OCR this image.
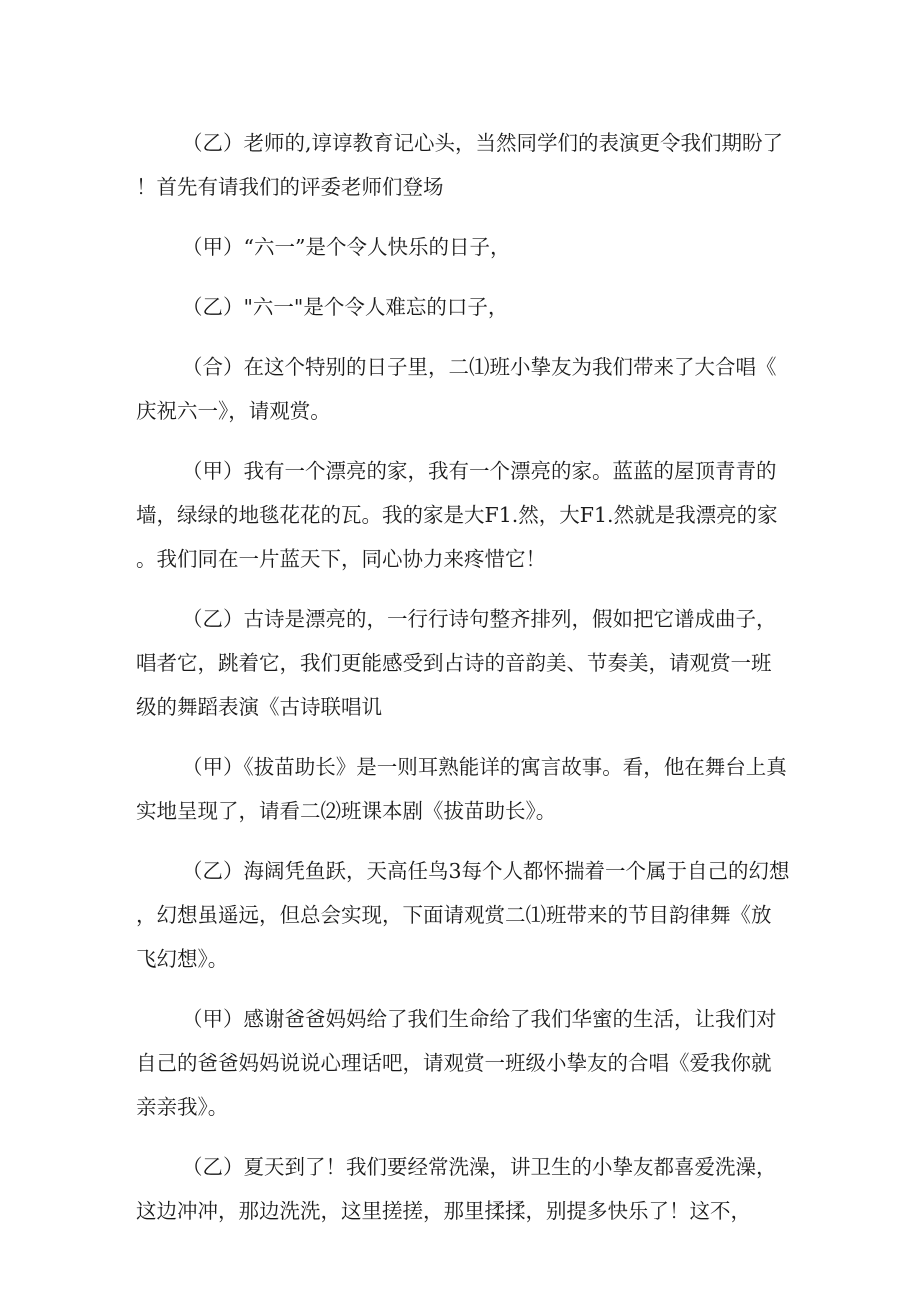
（乙）老师的,谆谆教育记心头，当然同学们的表演更令我们期盼了！首先有请我们的评委老师们登场

（甲）“六一”是个令人快乐的日子，

（乙）"六一"是个令人难忘的口子，

（合）在这个特别的日子里，二⑴班小挚友为我们带来了大合唱《庆祝六一》，请观赏。

（甲）我有一个漂亮的家，我有一个漂亮的家。蓝蓝的屋顶青青的墙，绿绿的地毯花花的瓦。我的家是大F1.然，大F1.然就是我漂亮的家。我们同在一片蓝天下，同心协力来疼惜它！

（乙）古诗是漂亮的，一行行诗句整齐排列，假如把它谱成曲子，唱者它，跳着它，我们更能感受到占诗的音韵美、节奏美，请观赏一班级的舞蹈表演《古诗联唱讥

（甲）《拔苗助长》是一则耳熟能详的寓言故事。看，他在舞台上真实地呈现了，请看二⑵班课本剧《拔苗助长》。

（乙）海阔凭鱼跃，天高任鸟3每个人都怀揣着一个属于自己的幻想，幻想虽遥远，但总会实现，下面请观赏二⑴班带来的节目韵律舞《放飞幻想》。

（甲）感谢爸爸妈妈给了我们生命给了我们华蜜的生活，让我们对自己的爸爸妈妈说说心理话吧，请观赏一班级小挚友的合唱《爱我你就亲亲我》。

（乙）夏天到了！我们要经常洗澡，讲卫生的小挚友都喜爱洗澡，这边冲冲，那边洗洗，这里搓搓，那里揉揉，别提多快乐了！这不，
